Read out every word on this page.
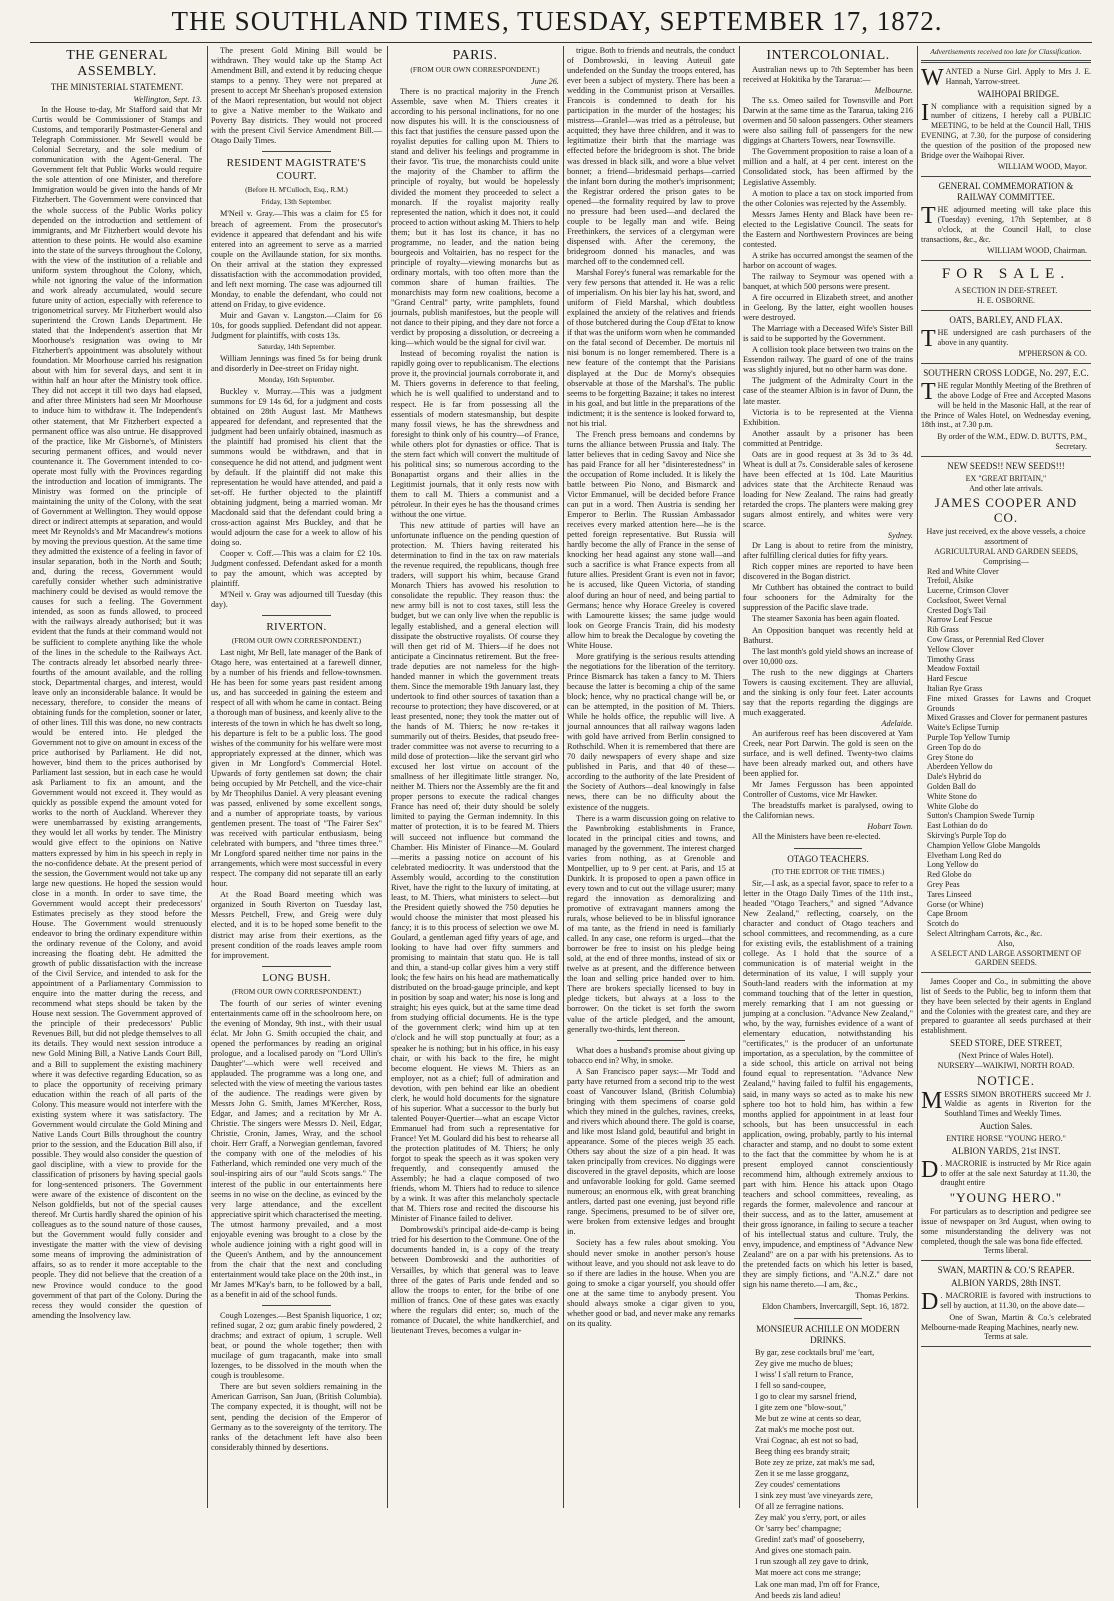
THE SOUTHLAND TIMES, TUESDAY, SEPTEMBER 17, 1872.
THE GENERAL ASSEMBLY.
THE MINISTERIAL STATEMENT.

Wellington, Sept. 13.

In the House to-day, Mr Stafford said that Mr Curtis would be Commissioner of Stamps and Customs, and temporarily Postmaster-General and Telegraph Commissioner. Mr Sewell would be Colonial Secretary, and the sole medium of communication with the Agent-General. The Government felt that Public Works would require the sole attention of one Minister, and therefore Immigration would be given into the hands of Mr Fitzherbert. The Government were convinced that the whole success of the Public Works policy depended on the introduction and settlement of immigrants, and Mr Fitzherbert would devote his attention to these points. He would also examine into the state of the surveys throughout the Colony, with the view of the institution of a reliable and uniform system throughout the Colony, which, while not ignoring the value of the information and work already accumulated, would secure future unity of action, especially with reference to trigonometrical survey. Mr Fitzherbert would also superintend the Crown Lands Department. He stated that the Independent's assertion that Mr Moorhouse's resignation was owing to Mr Fitzherbert's appointment was absolutely without foundation. Mr Moorhouse carried his resignation about with him for several days, and sent it in within half an hour after the Ministry took office. They did not accept it till two days had elapsed, and after three Ministers had seen Mr Moorhouse to induce him to withdraw it. The Independent's other statement, that Mr Fitzherbert expected a permanent office was also untrue. He disapproved of the practice, like Mr Gisborne's, of Ministers securing permanent offices, and would never countenance it. The Government intended to co-operate most fully with the Provinces regarding the introduction and location of immigrants. The Ministry was formed on the principle of maintaining the unity of the Colony, with the seat of Government at Wellington. They would oppose direct or indirect attempts at separation, and would meet Mr Reynolds's and Mr Macandrew's motions by moving the previous question. At the same time they admitted the existence of a feeling in favor of insular separation, both in the North and South; and, during the recess, Government would carefully consider whether such administrative machinery could be devised as would remove the causes for such a feeling. The Government intended, as soon as funds allowed, to proceed with the railways already authorised; but it was evident that the funds at their command would not be sufficient to complete anything like the whole of the lines in the schedule to the Railways Act. The contracts already let absorbed nearly three-fourths of the amount available, and the rolling stock, Departmental charges, and interest, would leave only an inconsiderable balance. It would be necessary, therefore, to consider the means of obtaining funds for the completion, sooner or later, of other lines. Till this was done, no new contracts would be entered into. He pledged the Government not to give on amount in excess of the price authorised by Parliament. He did not, however, bind them to the prices authorised by Parliament last session, but in each case he would ask Parliament to fix an amount, and the Government would not exceed it. They would as quickly as possible expend the amount voted for works to the north of Auckland. Wherever they were unembarrassed by existing arrangements, they would let all works by tender. The Ministry would give effect to the opinions on Native matters expressed by him in his speech in reply in the no-confidence debate. At the present period of the session, the Government would not take up any large new questions. He hoped the session would close in a month. In order to save time, the Government would accept their predecessors' Estimates precisely as they stood before the House. The Government would strenuously endeavor to bring the ordinary expenditure within the ordinary revenue of the Colony, and avoid increasing the floating debt. He admitted the growth of public dissatisfaction with the increase of the Civil Service, and intended to ask for the appointment of a Parliamentary Commission to enquire into the matter during the recess, and recommend what steps should be taken by the House next session. The Government approved of the principle of their predecessors' Public Revenues Bill, but did not pledge themselves to all its details. They would next session introduce a new Gold Mining Bill, a Native Lands Court Bill, and a Bill to supplement the existing machinery where it was defective regarding Education, so as to place the opportunity of receiving primary education within the reach of all parts of the Colony. This measure would not interfere with the existing system where it was satisfactory. The Government would circulate the Gold Mining and Native Lands Court Bills throughout the country prior to the session, and the Education Bill also, if possible. They would also consider the question of gaol discipline, with a view to provide for the classification of prisoners by having special gaols for long-sentenced prisoners. The Government were aware of the existence of discontent on the Nelson goldfields, but not of the special causes thereof. Mr Curtis hardly shared the opinion of his colleagues as to the sound nature of those causes, but the Government would fully consider and investigate the matter with the view of devising some means of improving the administration of affairs, so as to render it more acceptable to the people. They did not believe that the creation of a new Province would conduce to the good government of that part of the Colony. During the recess they would consider the question of amending the Insolvency law.

The present Gold Mining Bill would be withdrawn. They would take up the Stamp Act Amendment Bill, and extend it by reducing cheque stamps to a penny. They were not prepared at present to accept Mr Sheehan's proposed extension of the Maori representation, but would not object to give a Native member to the Waikato and Poverty Bay districts. They would not proceed with the present Civil Service Amendment Bill.—Otago Daily Times.

RESIDENT MAGISTRATE'S COURT.
(Before H. M'Culloch, Esq., R.M.)
Friday, 13th September.

M'Neil v. Gray.—This was a claim for £5 for breach of agreement. From the prosecutor's evidence it appeared that defendant and his wife entered into an agreement to serve as a married couple on the Avillaunde station, for six months. On their arrival at the station they expressed dissatisfaction with the accommodation provided, and left next morning. The case was adjourned till Monday, to enable the defendant, who could not attend on Friday, to give evidence.

Muir and Gavan v. Langston.—Claim for £6 10s, for goods supplied. Defendant did not appear. Judgment for plaintiffs, with costs 13s.

Saturday, 14th September.

William Jennings was fined 5s for being drunk and disorderly in Dee-street on Friday night.

Monday, 16th September.

Buckley v. Murray.—This was a judgment summons for £9 14s 6d, for a judgment and costs obtained on 28th August last. Mr Matthews appeared for defendant, and represented that the judgment had been unfairly obtained, inasmuch as the plaintiff had promised his client that the summons would be withdrawn, and that in consequence he did not attend, and judgment went by default. If the plaintiff did not make this representation he would have attended, and paid a set-off. He further objected to the plaintiff obtaining judgment, being a married woman. Mr Macdonald said that the defendant could bring a cross-action against Mrs Buckley, and that he would adjourn the case for a week to allow of his doing so.

Cooper v. Coff.—This was a claim for £2 10s. Judgment confessed. Defendant asked for a month to pay the amount, which was accepted by plaintiff.

M'Neil v. Gray was adjourned till Tuesday (this day).

RIVERTON.
(FROM OUR OWN CORRESPONDENT.)

Last night, Mr Bell, late manager of the Bank of Otago here, was entertained at a farewell dinner, by a number of his friends and fellow-townsmen. He has been for some years past resident among us, and has succeeded in gaining the esteem and respect of all with whom he came in contact. Being a thorough man of business, and keenly alive to the interests of the town in which he has dwelt so long, his departure is felt to be a public loss. The good wishes of the community for his welfare were most appropriately expressed at the dinner, which was given in Mr Longford's Commercial Hotel. Upwards of forty gentlemen sat down; the chair being occupied by Mr Petchell, and the vice-chair by Mr Theophilus Daniel. A very pleasant evening was passed, enlivened by some excellent songs, and a number of appropriate toasts, by various gentlemen present. The toast of "The Fairer Sex" was received with particular enthusiasm, being celebrated with bumpers, and "three times three." Mr Longford spared neither time nor pains in the arrangements, which were most successful in every respect. The company did not separate till an early hour.

At the Road Board meeting which was organized in South Riverton on Tuesday last, Messrs Petchell, Frew, and Greig were duly elected, and it is to be hoped some benefit to the district may arise from their exertions, as the present condition of the roads leaves ample room for improvement.

LONG BUSH.
(FROM OUR OWN CORRESPONDENT.)

The fourth of our series of winter evening entertainments came off in the schoolroom here, on the evening of Monday, 9th inst., with their usual éclat. Mr John G. Smith occupied the chair, and opened the performances by reading an original prologue, and a localised parody on "Lord Ullin's Daughter"—which were well received and applauded. The programme was a long one, and selected with the view of meeting the various tastes of the audience. The readings were given by Messrs John G. Smith, James M'Kercher, Ross, Edgar, and James; and a recitation by Mr A. Christie. The singers were Messrs D. Neil, Edgar, Christie, Cronin, James, Wray, and the school choir. Herr Graff, a Norwegian gentleman, favored the company with one of the melodies of his Fatherland, which reminded one very much of the soul-inspiring airs of our "auld Scots sangs." The interest of the public in our entertainments here seems in no wise on the decline, as evinced by the very large attendance, and the excellent appreciative spirit which characterised the meeting. The utmost harmony prevailed, and a most enjoyable evening was brought to a close by the whole audience joining with a right good will in the Queen's Anthem, and by the announcement from the chair that the next and concluding entertainment would take place on the 20th inst., in Mr James M'Kay's barn, to be followed by a ball, as a benefit in aid of the school funds.

Cough Lozenges.—Best Spanish liquorice, 1 oz; refined sugar, 2 oz; gum arabic finely powdered, 2 drachms; and extract of opium, 1 scruple. Well beat, or pound the whole together; then with mucilage of gum tragacanth, make into small lozenges, to be dissolved in the mouth when the cough is troublesome.

There are but seven soldiers remaining in the American Garrison, San Juan, (British Columbia). The company expected, it is thought, will not be sent, pending the decision of the Emperor of Germany as to the sovereignty of the territory. The ranks of the detachment left have also been considerably thinned by desertions.

PARIS.
(FROM OUR OWN CORRESPONDENT.)

June 26.

There is no practical majority in the French Assemble, save when M. Thiers creates it according to his personal inclinations, for no one now disputes his will. It is the consciousness of this fact that justifies the censure passed upon the royalist deputies for calling upon M. Thiers to stand and deliver his feelings and programme in their favor. 'Tis true, the monarchists could unite the majority of the Chamber to affirm the principle of royalty, but would be hopelessly divided the moment they proceeded to select a monarch. If the royalist majority really represented the nation, which it does not, it could proceed to action without asking M. Thiers to help them; but it has lost its chance, it has no programme, no leader, and the nation being bourgeois and Voltairien, has no respect for the principle of royalty—viewing monarchs but as ordinary mortals, with too often more than the common share of human frailties. The monarchists may form new coalitions, become a "Grand Central" party, write pamphlets, found journals, publish manifestoes, but the people will not dance to their piping, and they dare not force a verdict by proposing a dissolution, or decreeing a king—which would be the signal for civil war.

Instead of becoming royalist the nation is rapidly going over to republicanism. The elections prove it, the provincial journals corroborate it, and M. Thiers governs in deference to that feeling, which he is well qualified to understand and to respect. He is far from possessing all the essentials of modern statesmanship, but despite many fossil views, he has the shrewdness and foresight to think only of his country—of France, while others plot for dynasties or office. That is the stern fact which will convert the multitude of his political sins; so numerous according to the Bonapartist organs and their allies in the Legitimist journals, that it only rests now with them to call M. Thiers a communist and a pétroleur. In their eyes he has the thousand crimes without the one virtue.

This new attitude of parties will have an unfortunate influence on the pending question of protection. M. Thiers having reiterated his determination to find in the tax on raw materials the revenue required, the republicans, though free traders, will support his whim, because Grand Monarch Thiers has avowed his resolution to consolidate the republic. They reason thus: the new army bill is not to cost taxes, still less the budget, but we can only live when the republic is legally established, and a general election will dissipate the obstructive royalists. Of course they will then get rid of M. Thiers—if he does not anticipate a Cincinnatus retirement. But the free-trade deputies are not nameless for the high-handed manner in which the government treats them. Since the memorable 19th January last, they undertook to find other sources of taxation than a recourse to protection; they have discovered, or at least presented, none; they took the matter out of the hands of M. Thiers; he now re-takes it summarily out of theirs. Besides, that pseudo free-trader committee was not averse to recurring to a mild dose of protection—like the servant girl who excused her lost virtue on account of the smallness of her illegitimate little stranger. No, neither M. Thiers nor the Assembly are the fit and proper persons to execute the radical changes France has need of; their duty should be solely limited to paying the German indemnity. In this matter of protection, it is to be feared M. Thiers will succeed not influence but command the Chamber. His Minister of Finance—M. Goulard—merits a passing notice on account of his celebrated mediocrity. It was understood that the Assembly would, according to the constitution Rivet, have the right to the luxury of imitating, at least, to M. Thiers, what ministers to select—but the President quietly showed the 750 deputies he would choose the minister that most pleased his fancy; it is to this process of selection we owe M. Goulard, a gentleman aged fifty years of age, and looking to have had over fifty summers and promising to maintain that statu quo. He is tall and thin, a stand-up collar gives him a very stiff look; the few hairs on his head are mathematically distributed on the broad-gauge principle, and kept in position by soap and water; his nose is long and straight; his eyes quick, but at the same time dead from studying official documents. He is the type of the government clerk; wind him up at ten o'clock and he will stop punctually at four; as a speaker he is nothing; but in his office, in his easy chair, or with his back to the fire, he might become eloquent. He views M. Thiers as an employer, not as a chief; full of admiration and devotion, with pen behind ear like an obedient clerk, he would hold documents for the signature of his superior. What a successor to the burly but talented Pouyer-Quertier—what an escape Victor Emmanuel had from such a representative for France! Yet M. Goulard did his best to rehearse all the protection platitudes of M. Thiers; he only forgot to speak the speech as it was spoken very frequently, and consequently amused the Assembly; he had a claque composed of two friends, whom M. Thiers had to reduce to silence by a wink. It was after this melancholy spectacle that M. Thiers rose and recited the discourse his Minister of Finance failed to deliver.

Dombrowski's principal aide-de-camp is being tried for his desertion to the Commune. One of the documents handed in, is a copy of the treaty between Dombrowski and the authorities of Versailles, by which that general was to leave three of the gates of Paris unde fended and so allow the troops to enter, for the bribe of one million of francs. One of these gates was exactly where the regulars did enter; so, much of the romance of Ducatel, the white handkerchief, and lieutenant Treves, becomes a vulgar in-

trigue. Both to friends and neutrals, the conduct of Dombrowski, in leaving Auteuil gate undefended on the Sunday the troops entered, has ever been a subject of mystery. There has been a wedding in the Communist prison at Versailles. Francois is condemned to death for his participation in the murder of the hostages; his mistress—Granlel—was tried as a pétroleuse, but acquitted; they have three children, and it was to legitimatize their birth that the marriage was effected before the bridegroom is shot. The bride was dressed in black silk, and wore a blue velvet bonnet; a friend—bridesmaid perhaps—carried the infant born during the mother's imprisonment; the Registrar ordered the prison gates to be opened—the formality required by law to prove no pressure had been used—and declared the couple to be legally man and wife. Being Freethinkers, the services of a clergyman were dispensed with. After the ceremony, the bridegroom donned his manacles, and was marched off to the condemned cell.

Marshal Forey's funeral was remarkable for the very few persons that attended it. He was a relic of imperialism. On his bier lay his hat, sword, and uniform of Field Marshal, which doubtless explained the anxiety of the relatives and friends of those butchered during the Coup d'Etat to know if that was the uniform worn when he commanded on the fatal second of December. De mortuis nil nisi bonum is no longer remembered. There is a new feature of the contempt that the Parisians displayed at the Duc de Morny's obsequies observable at those of the Marshal's. The public seems to be forgetting Bazaine; it takes no interest in his goal, and but little in the preparations of the indictment; it is the sentence is looked forward to, not his trial.

The French press bemoans and condemns by turns the alliance between Prussia and Italy. The latter believes that in ceding Savoy and Nice she has paid France for all her "disinterestedness" in the occupation of Rome included. It is likely the battle between Pio Nono, and Bismarck and Victor Emmanuel, will be decided before France can put in a word. Then Austria is sending her Emperor to Berlin. The Russian Ambassador receives every marked attention here—he is the petted foreign representative. But Russia will hardly become the ally of France in the sense of knocking her head against any stone wall—and such a sacrifice is what France expects from all future allies. President Grant is even not in favor; he is accused, like Queen Victoria, of standing aloof during an hour of need, and being partial to Germans; hence why Horace Greeley is covered with Lamourette kisses; the same judge would look on George Francis Train, did his modesty allow him to break the Decalogue by coveting the White House.

More gratifying is the serious results attending the negotiations for the liberation of the territory. Prince Bismarck has taken a fancy to M. Thiers because the latter is becoming a chip of the same block; hence, why no practical change will be, or can be attempted, in the position of M. Thiers. While he holds office, the republic will live. A journal announces that all railway wagons laden with gold have arrived from Berlin consigned to Rothschild. When it is remembered that there are 70 daily newspapers of every shape and size published in Paris, and that 40 of these—according to the authority of the late President of the Society of Authors—deal knowingly in false news, there can be no difficulty about the existence of the nuggets.

There is a warm discussion going on relative to the Pawnbroking establishments in France, located in the principal cities and towns, and managed by the government. The interest charged varies from nothing, as at Grenoble and Montpellier, up to 9 per cent. at Paris, and 15 at Dunkirk. It is proposed to open a pawn office in every town and to cut out the village usurer; many regard the innovation as demoralizing and promotive of extravagant manners among the rurals, whose believed to be in blissful ignorance of ma tante, as the friend in need is familiarly called. In any case, one reform is urged—that the borrower be free to insist on his pledge being sold, at the end of three months, instead of six or twelve as at present, and the difference between the loan and selling price handed over to him. There are brokers specially licensed to buy in pledge tickets, but always at a loss to the borrower. On the ticket is set forth the sworn value of the article pledged, and the amount, generally two-thirds, lent thereon.

What does a husband's promise about giving up tobacco end in? Why, in smoke.

A San Francisco paper says:—Mr Todd and party have returned from a second trip to the west coast of Vancouver Island, (British Columbia) bringing with them specimens of coarse gold which they mined in the gulches, ravines, creeks, and rivers which abound there. The gold is coarse, and like most Island gold, beautiful and bright in appearance. Some of the pieces weigh 35 each. Others say about the size of a pin head. It was taken principally from crevices. No diggings were discovered in the gravel deposits, which are loose and unfavorable looking for gold. Game seemed numerous; an enormous elk, with great branching antlers, darted past one evening, just beyond rifle range. Specimens, presumed to be of silver ore, were broken from extensive ledges and brought in.

Society has a few rules about smoking. You should never smoke in another person's house without leave, and you should not ask leave to do so if there are ladies in the house. When you are going to smoke a cigar yourself, you should offer one at the same time to anybody present. You should always smoke a cigar given to you, whether good or bad, and never make any remarks on its quality.

INTERCOLONIAL.

Australian news up to 7th September has been received at Hokitika by the Tararua:—

Melbourne.

The s.s. Omeo sailed for Townsville and Port Darwin at the same time as the Tararua, taking 216 overmen and 50 saloon passengers. Other steamers were also sailing full of passengers for the new diggings at Charters Towers, near Townsville.

The Government proposition to raise a loan of a million and a half, at 4 per cent. interest on the Consolidated stock, has been affirmed by the Legislative Assembly.

A motion to place a tax on stock imported from the other Colonies was rejected by the Assembly.

Messrs James Henty and Black have been re-elected to the Legislative Council. The seats for the Eastern and Northwestern Provinces are being contested.

A strike has occurred amongst the seamen of the harbor on account of wages.

The railway to Seymour was opened with a banquet, at which 500 persons were present.

A fire occurred in Elizabeth street, and another in Geelong. By the latter, eight woollen houses were destroyed.

The Marriage with a Deceased Wife's Sister Bill is said to be supported by the Government.

A collision took place between two trains on the Essendon railway. The guard of one of the trains was slightly injured, but no other harm was done.

The judgment of the Admiralty Court in the case of the steamer Albion is in favor of Dunn, the late master.

Victoria is to be represented at the Vienna Exhibition.

Another assault by a prisoner has been committed at Pentridge.

Oats are in good request at 3s 3d to 3s 4d. Wheat is dull at 7s. Considerable sales of kerosene have been effected at 1s 10d. Late Mauritius advices state that the Architecte Renaud was loading for New Zealand. The rains had greatly retarded the crops. The planters were making grey sugars almost entirely, and whites were very scarce.

Sydney.

Dr Lang is about to retire from the ministry, after fulfilling clerical duties for fifty years.

Rich copper mines are reported to have been discovered in the Bogan district.

Mr Cuthbert has obtained the contract to build four schooners for the Admiralty for the suppression of the Pacific slave trade.

The steamer Saxonia has been again floated.

An Opposition banquet was recently held at Bathurst.

The last month's gold yield shows an increase of over 10,000 ozs.

The rush to the new diggings at Charters Towers is causing excitement. They are alluvial, and the sinking is only four feet. Later accounts say that the reports regarding the diggings are much exaggerated.

Adelaide.

An auriferous reef has been discovered at Yam Creek, near Port Darwin. The gold is seen on the surface, and is well defined. Twenty-two claims have been already marked out, and others have been applied for.

Mr James Fergusson has been appointed Controller of Customs, vice Mr Hawker.

The breadstuffs market is paralysed, owing to the Californian news.

Hobart Town.

All the Ministers have been re-elected.

OTAGO TEACHERS.
(TO THE EDITOR OF THE TIMES.)

Sir,—I ask, as a special favor, space to refer to a letter in the Otago Daily Times of the 11th inst., headed "Otago Teachers," and signed "Advance New Zealand," reflecting, coarsely, on the character and conduct of Otago teachers and school committees, and recommending, as a cure for existing evils, the establishment of a training college. As I hold that the source of a communication is of material weight in the determination of its value, I will supply your South-land readers with the information at my command touching that of the letter in question, merely remarking that I am not guessing or jumping at a conclusion. "Advance New Zealand," who, by the way, furnishes evidence of a want of elementary education, notwithstanding his "certificates," is the producer of an unfortunate importation, as a speculation, by the committee of a side school, this article on arrival not being found equal to representation. "Advance New Zealand," having failed to fulfil his engagements, said, in many ways so acted as to make his new sphere too hot to hold him, has within a few months applied for appointment in at least four schools, but has been unsuccessful in each application, owing, probably, partly to his internal character and stamp, and no doubt to some extent to the fact that the committee by whom he is at present employed cannot conscientiously recommend him, although extremely anxious to part with him. Hence his attack upon Otago teachers and school committees, revealing, as regards the former, malevolence and rancour at their success, and as to the latter, amusement at their gross ignorance, in failing to secure a teacher of his intellectual status and culture. Truly, the envy, impudence, and emptiness of "Advance New Zealand" are on a par with his pretensions. As to the pretended facts on which his letter is based, they are simply fictions, and "A.N.Z." dare not sign his name thereto.—I am, &c.,

Thomas Perkins.
Eldon Chambers, Invercargill, Sept. 16, 1872.
MONSIEUR ACHILLE ON MODERN DRINKS.

By gar, zese cocktails brul' me 'eart,

Zey give me mucho de blues;

I wiss' I s'all return to France,

I fell so sand-coupee,

I go to clear my sarsnel friend,

I gite zem one "blow-sout,"

Me but ze wine at cents so dear,

Zat mak's me moche post out.

Vrai Cognac, ah est not so bad,

Beeg thing ees brandy strait;

Bote zey ze prize, zat mak's me sad,

Zen it se me lasse grogganz,

Zey coudes' cementations

I sink zey must 'ave vineyards zere,

Of all ze ferragine nations.

Zey mak' you s'erry, port, or ailes

Or 'sarry bec' champagne;

Gredin! zat's mad' of gooseberry,

And gives one stomach pain.

I run szough all zey gave to drink,

Mat moere act cons me strange;

Lak one man mad, I'm off for France,

And beeds zis land adieu!

Advertisements received too late for Classification.
WANTED a Nurse Girl. Apply to Mrs J. E. Hannah, Yarrow-street.
WAIHOPAI BRIDGE.
I N compliance with a requisition signed by a number of citizens, I hereby call a PUBLIC MEETING, to be held at the Council Hall, THIS EVENING, at 7.30, for the purpose of considering the question of the position of the proposed new Bridge over the Waihopai River.
WILLIAM WOOD, Mayor.
GENERAL COMMEMORATION & RAILWAY COMMITTEE.
THE adjourned meeting will take place this (Tuesday) evening, 17th September, at 8 o'clock, at the Council Hall, to close transactions, &c., &c.
WILLIAM WOOD, Chairman.
FOR SALE.
A SECTION IN DEE-STREET.
H. E. OSBORNE.
OATS, BARLEY, AND FLAX.
THE undersigned are cash purchasers of the above in any quantity.
M'PHERSON & CO.
SOUTHERN CROSS LODGE, No. 297, E.C.
THE regular Monthly Meeting of the Brethren of the above Lodge of Free and Accepted Masons will be held in the Masonic Hall, at the rear of the Prince of Wales Hotel, on Wednesday evening, 18th inst., at 7.30 p.m.
By order of the W.M., EDW. D. BUTTS, P.M., Secretary.
NEW SEEDS!! NEW SEEDS!!!
EX "GREAT BRITAIN,"
And other late arrivals.
JAMES COOPER AND CO.
Have just received, ex the above vessels, a choice assortment of
AGRICULTURAL AND GARDEN SEEDS,
Comprising—
Red and White Clover
Trefoil, Alsike
Lucerne, Crimson Clover
Cocksfoot, Sweet Vernal
Crested Dog's Tail
Narrow Leaf Fescue
Rib Grass
Cow Grass, or Perennial Red Clover
Yellow Clover
Timothy Grass
Meadow Foxtail
Hard Fescue
Italian Rye Grass
Fine mixed Grasses for Lawns and Croquet Grounds
Mixed Grasses and Clover for permanent pastures
Waite's Eclipse Turnip
Purple Top Yellow Turnip
Green Top do do
Grey Stone do
Aberdeen Yellow do
Dale's Hybrid do
Golden Ball do
White Stone do
White Globe do
Sutton's Champion Swede Turnip
East Lothian do do
Skirving's Purple Top do
Champion Yellow Globe Mangolds
Elvetham Long Red do
Long Yellow do
Red Globe do
Grey Peas
Tares Linseed
Gorse (or Whine)
Cape Broom
Scotch do
Select Altringham Carrots, &c., &c.
Also,
A SELECT AND LARGE ASSORTMENT OF GARDEN SEEDS.
James Cooper and Co., in submitting the above list of Seeds to the Public, beg to inform them that they have been selected by their agents in England and the Colonies with the greatest care, and they are prepared to guarantee all seeds purchased at their establishment.
SEED STORE, DEE STREET,
(Next Prince of Wales Hotel).
NURSERY—WAIKIWI, NORTH ROAD.
NOTICE.
MESSRS SIMON BROTHERS succeed Mr J. Waldie as agents in Riverton for the Southland Times and Weekly Times.
Auction Sales.
ENTIRE HORSE "YOUNG HERO."
ALBION YARDS, 21st INST.
D . MACRORIE is instructed by Mr Rice again to offer at the sale next Saturday at 11.30, the draught entire
"YOUNG HERO."
For particulars as to description and pedigree see issue of newspaper on 3rd August, when owing to some misunderstanding the delivery was not completed, though the sale was bona fide effected.
Terms liberal.
SWAN, MARTIN & CO.'S REAPER.
ALBION YARDS, 28th INST.
D . MACRORIE is favored with instructions to sell by auction, at 11.30, on the above date—
One of Swan, Martin & Co.'s celebrated Melbourne-made Reaping Machines, nearly new.
Terms at sale.
